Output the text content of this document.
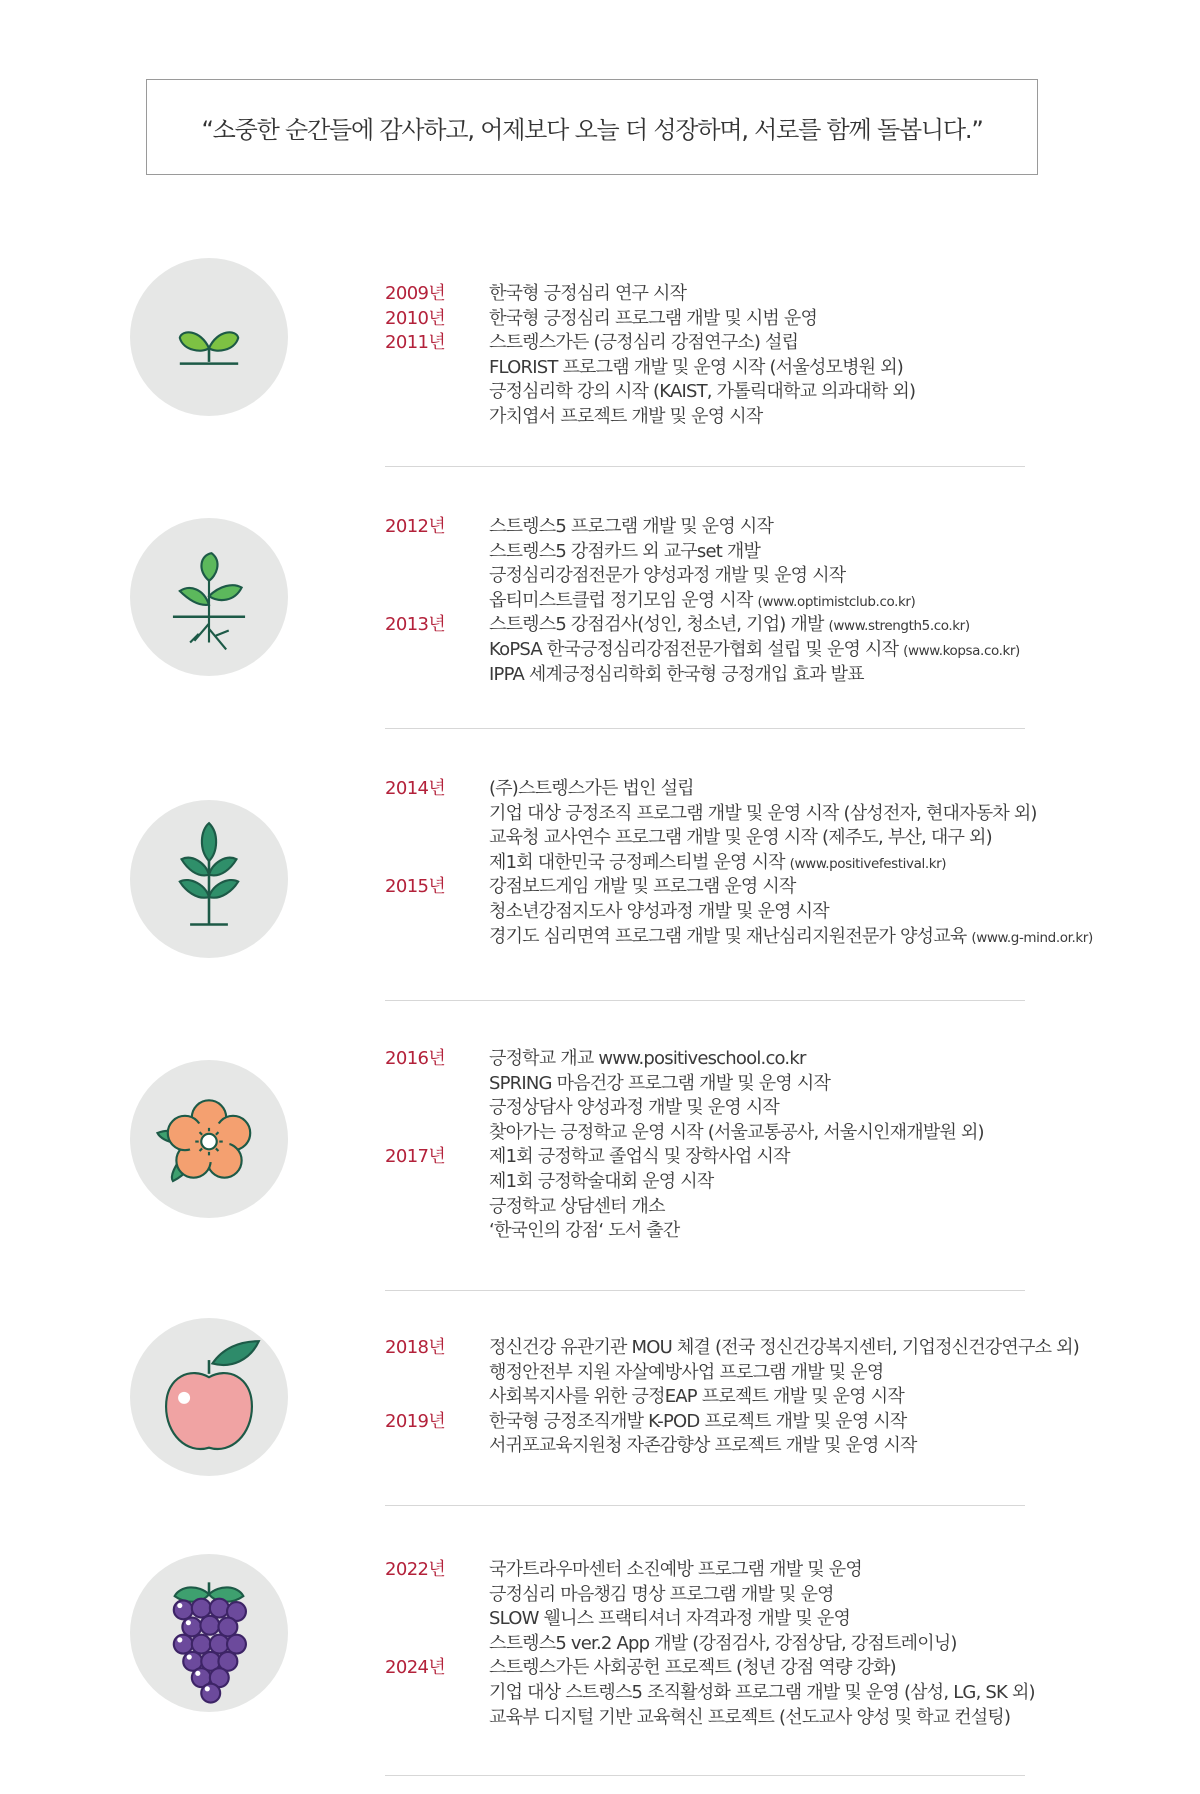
“소중한 순간들에 감사하고, 어제보다 오늘 더 성장하며, 서로를 함께 돌봅니다.”
2009년
2010년
2011년
한국형 긍정심리 연구 시작
한국형 긍정심리 프로그램 개발 및 시범 운영
스트렝스가든 (긍정심리 강점연구소) 설립
FLORIST 프로그램 개발 및 운영 시작 (서울성모병원 외)
긍정심리학 강의 시작 (KAIST, 가톨릭대학교 의과대학 외)
가치엽서 프로젝트 개발 및 운영 시작
2012년
2013년
스트렝스5 프로그램 개발 및 운영 시작
스트렝스5 강점카드 외 교구set 개발
긍정심리강점전문가 양성과정 개발 및 운영 시작
옵티미스트클럽 정기모임 운영 시작 (www.optimistclub.co.kr)
스트렝스5 강점검사(성인, 청소년, 기업) 개발 (www.strength5.co.kr)
KoPSA 한국긍정심리강점전문가협회 설립 및 운영 시작 (www.kopsa.co.kr)
IPPA 세계긍정심리학회 한국형 긍정개입 효과 발표
2014년
2015년
(주)스트렝스가든 법인 설립
기업 대상 긍정조직 프로그램 개발 및 운영 시작 (삼성전자, 현대자동차 외)
교육청 교사연수 프로그램 개발 및 운영 시작 (제주도, 부산, 대구 외)
제1회 대한민국 긍정페스티벌 운영 시작 (www.positivefestival.kr)
강점보드게임 개발 및 프로그램 운영 시작
청소년강점지도사 양성과정 개발 및 운영 시작
경기도 심리면역 프로그램 개발 및 재난심리지원전문가 양성교육 (www.g-mind.or.kr)
2016년
2017년
긍정학교 개교 www.positiveschool.co.kr
SPRING 마음건강 프로그램 개발 및 운영 시작
긍정상담사 양성과정 개발 및 운영 시작
찾아가는 긍정학교 운영 시작 (서울교통공사, 서울시인재개발원 외)
제1회 긍정학교 졸업식 및 장학사업 시작
제1회 긍정학술대회 운영 시작
긍정학교 상담센터 개소
‘한국인의 강점‘ 도서 출간
2018년
2019년
정신건강 유관기관 MOU 체결 (전국 정신건강복지센터, 기업정신건강연구소 외)
행정안전부 지원 자살예방사업 프로그램 개발 및 운영
사회복지사를 위한 긍정EAP 프로젝트 개발 및 운영 시작
한국형 긍정조직개발 K-POD 프로젝트 개발 및 운영 시작
서귀포교육지원청 자존감향상 프로젝트 개발 및 운영 시작
2022년
2024년
국가트라우마센터 소진예방 프로그램 개발 및 운영
긍정심리 마음챙김 명상 프로그램 개발 및 운영
SLOW 웰니스 프랙티셔너 자격과정 개발 및 운영
스트렝스5 ver.2 App 개발 (강점검사, 강점상담, 강점트레이닝)
스트렝스가든 사회공헌 프로젝트 (청년 강점 역량 강화)
기업 대상 스트렝스5 조직활성화 프로그램 개발 및 운영 (삼성, LG, SK 외)
교육부 디지털 기반 교육혁신 프로젝트 (선도교사 양성 및 학교 컨설팅)
